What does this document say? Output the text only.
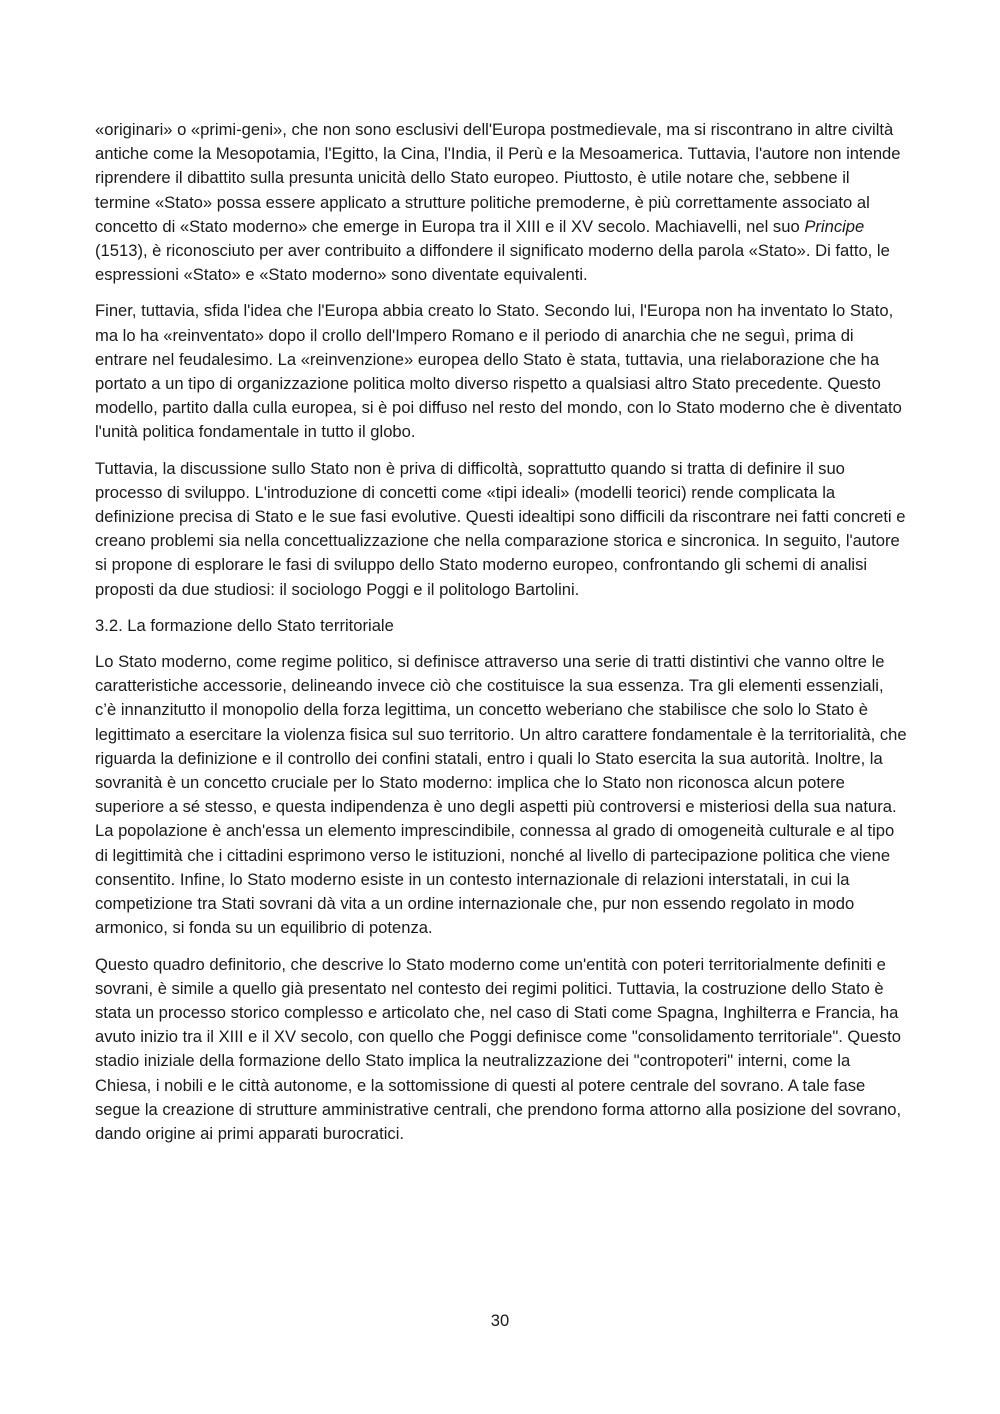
«originari» o «primi-geni», che non sono esclusivi dell'Europa postmedievale, ma si riscontrano in altre civiltà antiche come la Mesopotamia, l'Egitto, la Cina, l'India, il Perù e la Mesoamerica. Tuttavia, l'autore non intende riprendere il dibattito sulla presunta unicità dello Stato europeo. Piuttosto, è utile notare che, sebbene il termine «Stato» possa essere applicato a strutture politiche premoderne, è più correttamente associato al concetto di «Stato moderno» che emerge in Europa tra il XIII e il XV secolo. Machiavelli, nel suo Principe (1513), è riconosciuto per aver contribuito a diffondere il significato moderno della parola «Stato». Di fatto, le espressioni «Stato» e «Stato moderno» sono diventate equivalenti.

Finer, tuttavia, sfida l'idea che l'Europa abbia creato lo Stato. Secondo lui, l'Europa non ha inventato lo Stato, ma lo ha «reinventato» dopo il crollo dell'Impero Romano e il periodo di anarchia che ne seguì, prima di entrare nel feudalesimo. La «reinvenzione» europea dello Stato è stata, tuttavia, una rielaborazione che ha portato a un tipo di organizzazione politica molto diverso rispetto a qualsiasi altro Stato precedente. Questo modello, partito dalla culla europea, si è poi diffuso nel resto del mondo, con lo Stato moderno che è diventato l'unità politica fondamentale in tutto il globo.

Tuttavia, la discussione sullo Stato non è priva di difficoltà, soprattutto quando si tratta di definire il suo processo di sviluppo. L'introduzione di concetti come «tipi ideali» (modelli teorici) rende complicata la definizione precisa di Stato e le sue fasi evolutive. Questi idealtipi sono difficili da riscontrare nei fatti concreti e creano problemi sia nella concettualizzazione che nella comparazione storica e sincronica. In seguito, l'autore si propone di esplorare le fasi di sviluppo dello Stato moderno europeo, confrontando gli schemi di analisi proposti da due studiosi: il sociologo Poggi e il politologo Bartolini.

3.2. La formazione dello Stato territoriale

Lo Stato moderno, come regime politico, si definisce attraverso una serie di tratti distintivi che vanno oltre le caratteristiche accessorie, delineando invece ciò che costituisce la sua essenza. Tra gli elementi essenziali, c’è innanzitutto il monopolio della forza legittima, un concetto weberiano che stabilisce che solo lo Stato è legittimato a esercitare la violenza fisica sul suo territorio. Un altro carattere fondamentale è la territorialità, che riguarda la definizione e il controllo dei confini statali, entro i quali lo Stato esercita la sua autorità. Inoltre, la sovranità è un concetto cruciale per lo Stato moderno: implica che lo Stato non riconosca alcun potere superiore a sé stesso, e questa indipendenza è uno degli aspetti più controversi e misteriosi della sua natura. La popolazione è anch'essa un elemento imprescindibile, connessa al grado di omogeneità culturale e al tipo di legittimità che i cittadini esprimono verso le istituzioni, nonché al livello di partecipazione politica che viene consentito. Infine, lo Stato moderno esiste in un contesto internazionale di relazioni interstatali, in cui la competizione tra Stati sovrani dà vita a un ordine internazionale che, pur non essendo regolato in modo armonico, si fonda su un equilibrio di potenza.

Questo quadro definitorio, che descrive lo Stato moderno come un'entità con poteri territorialmente definiti e sovrani, è simile a quello già presentato nel contesto dei regimi politici. Tuttavia, la costruzione dello Stato è stata un processo storico complesso e articolato che, nel caso di Stati come Spagna, Inghilterra e Francia, ha avuto inizio tra il XIII e il XV secolo, con quello che Poggi definisce come "consolidamento territoriale". Questo stadio iniziale della formazione dello Stato implica la neutralizzazione dei "contropoteri" interni, come la Chiesa, i nobili e le città autonome, e la sottomissione di questi al potere centrale del sovrano. A tale fase segue la creazione di strutture amministrative centrali, che prendono forma attorno alla posizione del sovrano, dando origine ai primi apparati burocratici.

30
